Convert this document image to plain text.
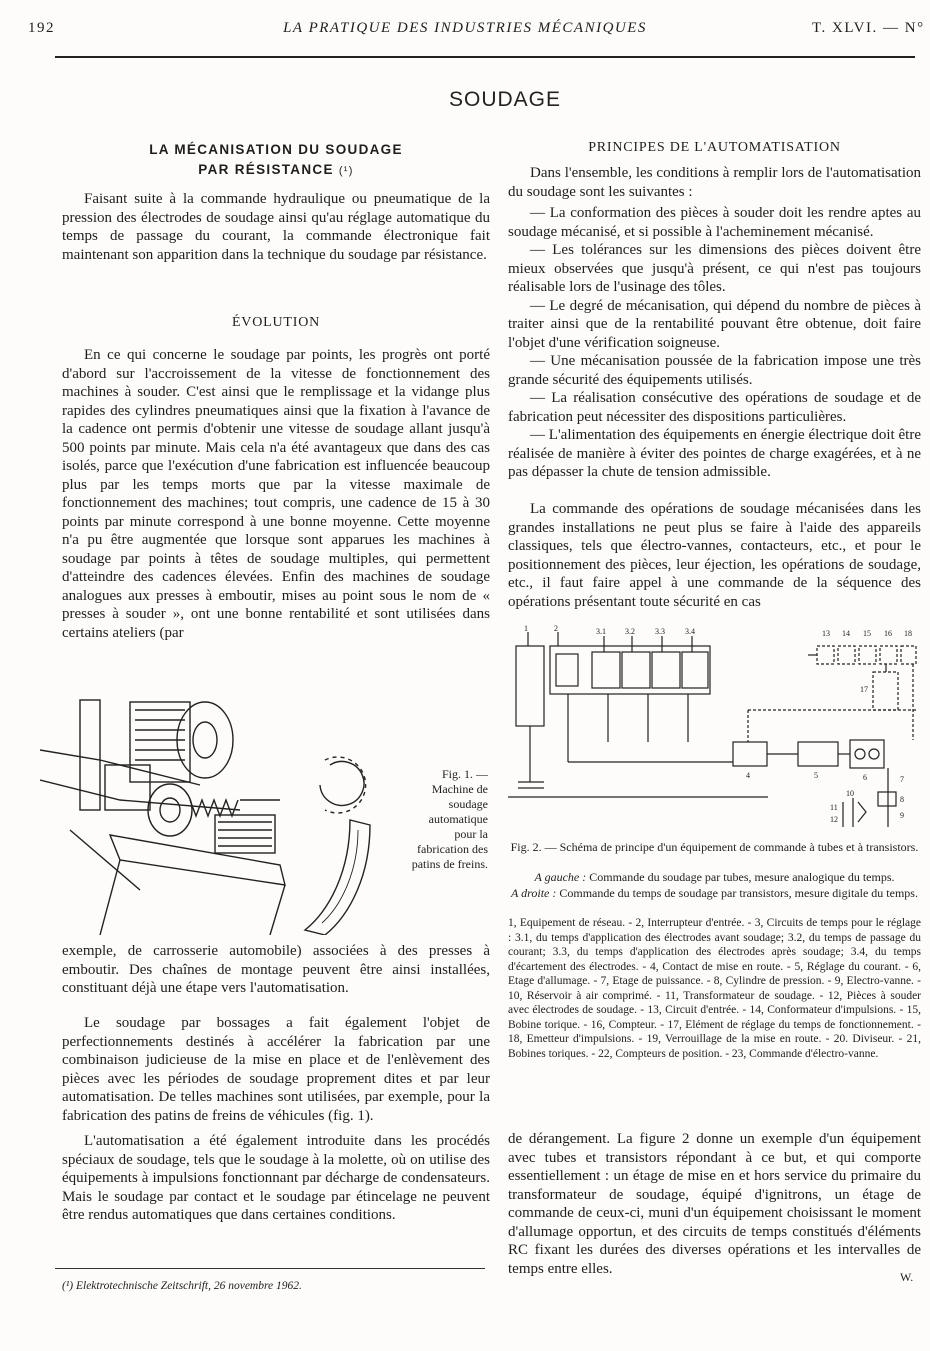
192	LA PRATIQUE DES INDUSTRIES MÉCANIQUES	T. XLVI. — N°
SOUDAGE
LA MÉCANISATION DU SOUDAGE
PAR RÉSISTANCE (¹)

Faisant suite à la commande hydraulique ou pneumatique de la pression des électrodes de soudage ainsi qu'au réglage automatique du temps de passage du courant, la commande électronique fait maintenant son apparition dans la technique du soudage par résistance.

ÉVOLUTION

En ce qui concerne le soudage par points, les progrès ont porté d'abord sur l'accroissement de la vitesse de fonctionnement des machines à souder. C'est ainsi que le remplissage et la vidange plus rapides des cylindres pneumatiques ainsi que la fixation à l'avance de la cadence ont permis d'obtenir une vitesse de soudage allant jusqu'à 500 points par minute. Mais cela n'a été avantageux que dans des cas isolés, parce que l'exécution d'une fabrication est influencée beaucoup plus par les temps morts que par la vitesse maximale de fonctionnement des machines; tout compris, une cadence de 15 à 30 points par minute correspond à une bonne moyenne. Cette moyenne n'a pu être augmentée que lorsque sont apparues les machines à soudage par points à têtes de soudage multiples, qui permettent d'atteindre des cadences élevées. Enfin des machines de soudage analogues aux presses à emboutir, mises au point sous le nom de « presses à souder », ont une bonne rentabilité et sont utilisées dans certains ateliers (par

Fig. 1. — Machine de soudage automatique pour la fabrication des patins de freins.

exemple, de carrosserie automobile) associées à des presses à emboutir. Des chaînes de montage peuvent être ainsi installées, constituant déjà une étape vers l'automatisation.

Le soudage par bossages a fait également l'objet de perfectionnements destinés à accélérer la fabrication par une combinaison judicieuse de la mise en place et de l'enlèvement des pièces avec les périodes de soudage proprement dites et par leur automatisation. De telles machines sont utilisées, par exemple, pour la fabrication des patins de freins de véhicules (fig. 1).

L'automatisation a été également introduite dans les procédés spéciaux de soudage, tels que le soudage à la molette, où on utilise des équipements à impulsions fonctionnant par décharge de condensateurs. Mais le soudage par contact et le soudage par étincelage ne peuvent être rendus automatiques que dans certaines conditions.

(¹) Elektrotechnische Zeitschrift, 26 novembre 1962.
PRINCIPES DE L'AUTOMATISATION

Dans l'ensemble, les conditions à remplir lors de l'automatisation du soudage sont les suivantes :

— La conformation des pièces à souder doit les rendre aptes au soudage mécanisé, et si possible à l'acheminement mécanisé.

— Les tolérances sur les dimensions des pièces doivent être mieux observées que jusqu'à présent, ce qui n'est pas toujours réalisable lors de l'usinage des tôles.

— Le degré de mécanisation, qui dépend du nombre de pièces à traiter ainsi que de la rentabilité pouvant être obtenue, doit faire l'objet d'une vérification soigneuse.

— Une mécanisation poussée de la fabrication impose une très grande sécurité des équipements utilisés.

— La réalisation consécutive des opérations de soudage et de fabrication peut nécessiter des dispositions particulières.

— L'alimentation des équipements en énergie électrique doit être réalisée de manière à éviter des pointes de charge exagérées, et à ne pas dépasser la chute de tension admissible.

La commande des opérations de soudage mécanisées dans les grandes installations ne peut plus se faire à l'aide des appareils classiques, tels que électro-vannes, contacteurs, etc., et pour le positionnement des pièces, leur éjection, les opérations de soudage, etc., il faut faire appel à une commande de la séquence des opérations présentant toute sécurité en cas

1	2	3.1 3.2	3.3	3.4	13 14 15 16
17
18
4	5	6	7
8
9
10
11
12
Fig. 2. — Schéma de principe d'un équipement de commande à tubes et à transistors.
A gauche : Commande du soudage par tubes, mesure analogique du temps.
A droite : Commande du temps de soudage par transistors, mesure digitale du temps.
1, Equipement de réseau. - 2, Interrupteur d'entrée. - 3, Circuits de temps pour le réglage : 3.1, du temps d'application des électrodes avant soudage; 3.2, du temps de passage du courant; 3.3, du temps d'application des électrodes après soudage; 3.4, du temps d'écartement des électrodes. - 4, Contact de mise en route. - 5, Réglage du courant. - 6, Etage d'allumage. - 7, Etage de puissance. - 8, Cylindre de pression. - 9, Electro-vanne. - 10, Réservoir à air comprimé. - 11, Transformateur de soudage. - 12, Pièces à souder avec électrodes de soudage. - 13, Circuit d'entrée. - 14, Conformateur d'impulsions. - 15, Bobine torique. - 16, Compteur. - 17, Elément de réglage du temps de fonctionnement. - 18, Emetteur d'impulsions. - 19, Verrouillage de la mise en route. - 20. Diviseur. - 21, Bobines toriques. - 22, Compteurs de position. - 23, Commande d'électro-vanne.

de dérangement. La figure 2 donne un exemple d'un équipement avec tubes et transistors répondant à ce but, et qui comporte essentiellement : un étage de mise en et hors service du primaire du transformateur de soudage, équipé d'ignitrons, un étage de commande de ceux-ci, muni d'un équipement choisissant le moment d'allumage opportun, et des circuits de temps constitués d'éléments RC fixant les durées des diverses opérations et les intervalles de temps entre elles.

W.
